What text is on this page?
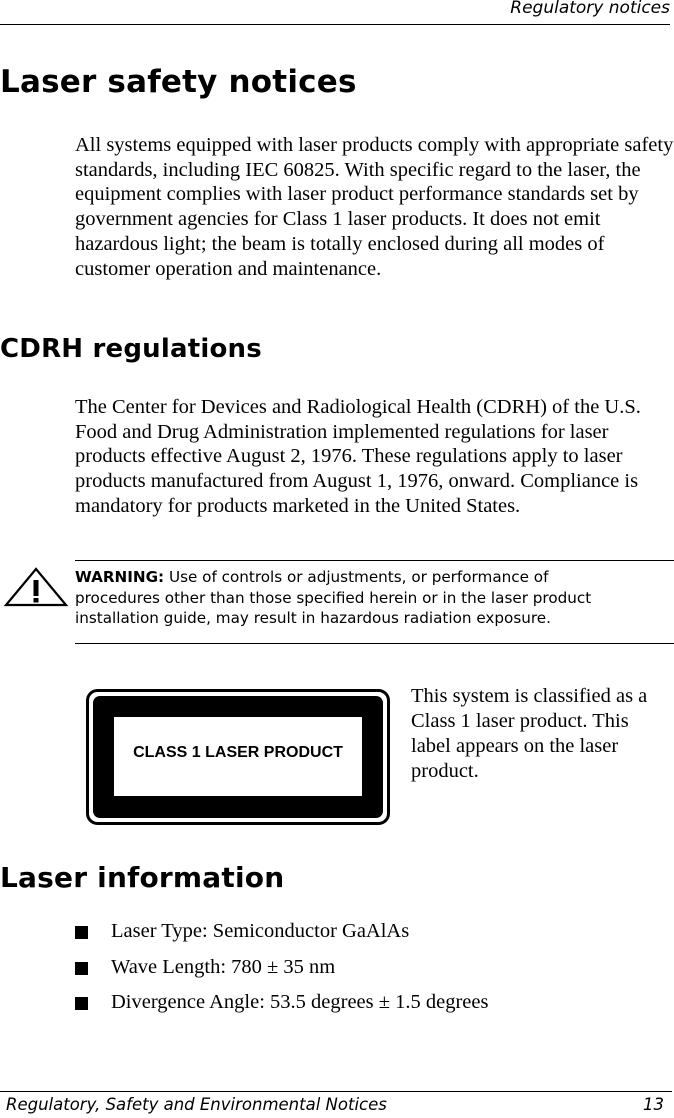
Regulatory notices
Laser safety notices

All systems equipped with laser products comply with appropriate safety standards, including IEC 60825. With specific regard to the laser, the equipment complies with laser product performance standards set by government agencies for Class 1 laser products. It does not emit hazardous light; the beam is totally enclosed during all modes of customer operation and maintenance.

CDRH regulations

The Center for Devices and Radiological Health (CDRH) of the U.S. Food and Drug Administration implemented regulations for laser products effective August 2, 1976. These regulations apply to laser products manufactured from August 1, 1976, onward. Compliance is mandatory for products marketed in the United States.

WARNING: Use of controls or adjustments, or performance of procedures other than those specified herein or in the laser product installation guide, may result in hazardous radiation exposure.

CLASS 1 LASER PRODUCT

This system is classified as a Class 1 laser product. This label appears on the laser product.

Laser information
Laser Type: Semiconductor GaAlAs
Wave Length: 780 ± 35 nm
Divergence Angle: 53.5 degrees ± 1.5 degrees
Regulatory, Safety and Environmental Notices	13
